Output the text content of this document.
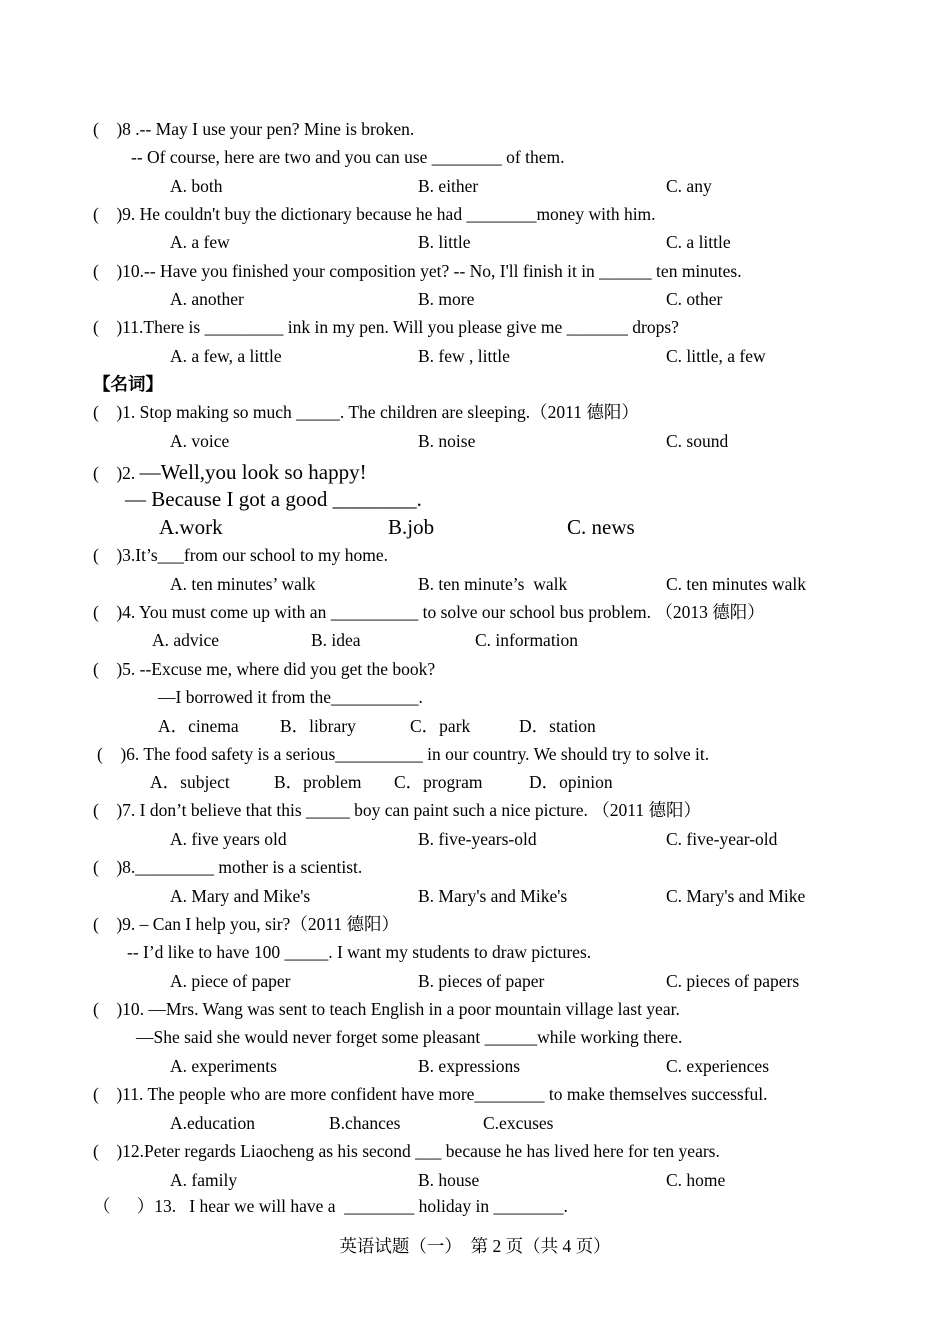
(    )8 .-- May I use your pen? Mine is broken.
-- Of course, here are two and you can use ________ of them.
A. both	B. either	C. any
(    )9. He couldn't buy the dictionary because he had ________money with him.
A. a few	B. little	C. a little
(    )10.-- Have you finished your composition yet? -- No, I'll finish it in ______ ten minutes.
A. another	B. more	C. other
(    )11.There is _________ ink in my pen. Will you please give me _______ drops?
A. a few, a little	B. few , little	C. little, a few
【名词】
(    )1. Stop making so much _____. The children are sleeping.（2011 德阳）
A. voice	B. noise	C. sound
(    )2. —Well,you look so happy!
— Because I got a good ________.
A.work	B.job	C. news
(    )3.It’s___from our school to my home.
A. ten minutes’ walk	B. ten minute’s  walk	C. ten minutes walk
(    )4. You must come up with an __________ to solve our school bus problem. （2013 德阳）
A. advice	B. idea	C. information
(    )5. --Excuse me, where did you get the book?
—I borrowed it from the__________.
A．cinema B．library	C．park	D．station
(    )6. The food safety is a serious__________ in our country. We should try to solve it.
A．subject	B．problem C．program	D．opinion
(    )7. I don’t believe that this _____ boy can paint such a nice picture. （2011 德阳）
A. five years old	B. five-years-old	C. five-year-old
(    )8._________ mother is a scientist.
A. Mary and Mike's	B. Mary's and Mike's	C. Mary's and Mike
(    )9. – Can I help you, sir?（2011 德阳）
-- I’d like to have 100 _____. I want my students to draw pictures.
A. piece of paper	B. pieces of paper	C. pieces of papers
(    )10. —Mrs. Wang was sent to teach English in a poor mountain village last year.
—She said she would never forget some pleasant ______while working there.
A. experiments	B. expressions	C. experiences
(    )11. The people who are more confident have more________ to make themselves successful.
A.education	B.chances	C.excuses
(    )12.Peter regards Liaocheng as his second ___ because he has lived here for ten years.
A. family	B. house	C. home
（      ）13.   I hear we will have a  ________ holiday in ________.
英语试题（一）  第 2 页（共 4 页）
